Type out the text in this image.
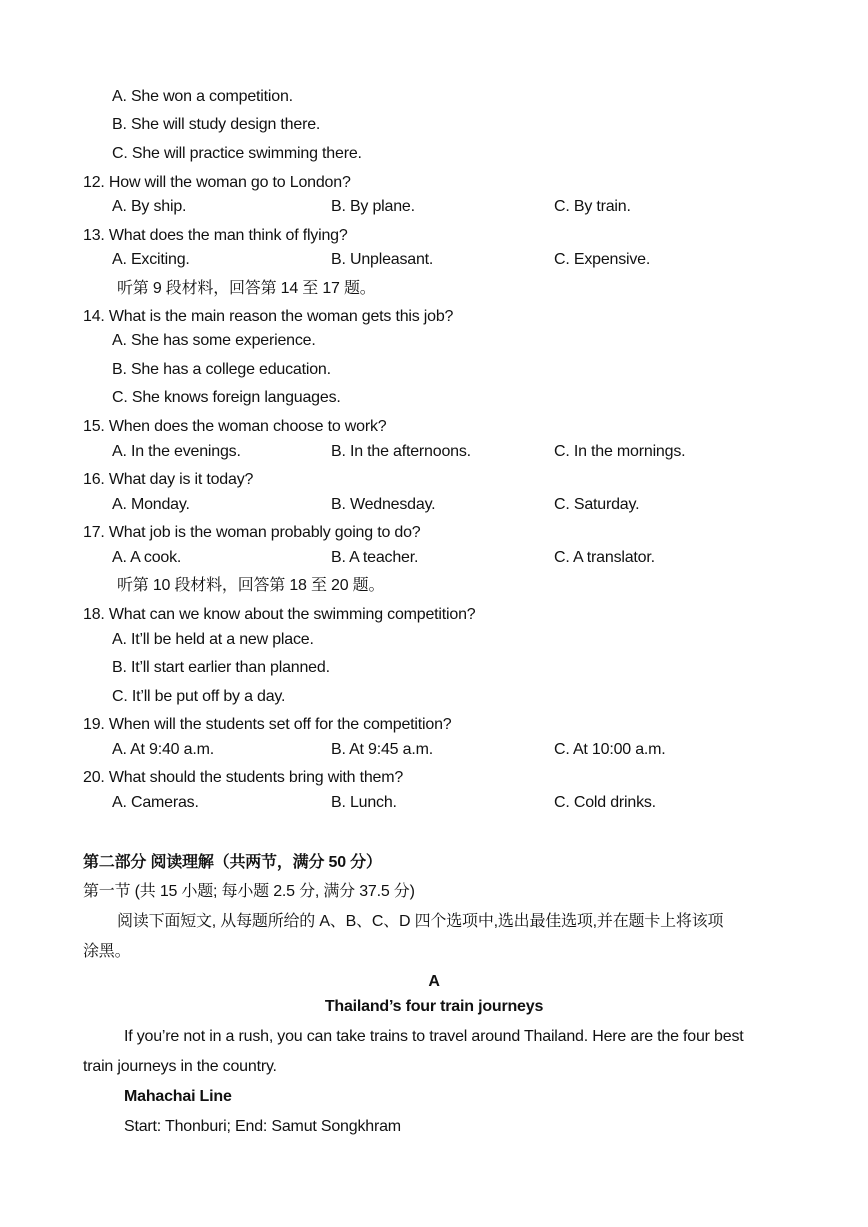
A. She won a competition.
B. She will study design there.
C. She will practice swimming there.
12. How will the woman go to London?
A. By ship.	B. By plane.	C. By train.
13. What does the man think of flying?
A. Exciting.	B. Unpleasant.	C. Expensive.
听第 9 段材料，回答第 14 至 17 题。
14. What is the main reason the woman gets this job?
A. She has some experience.
B. She has a college education.
C. She knows foreign languages.
15. When does the woman choose to work?
A. In the evenings.	B. In the afternoons.	C. In the mornings.
16. What day is it today?
A. Monday.	B. Wednesday.	C. Saturday.
17. What job is the woman probably going to do?
A. A cook.	B. A teacher.	C. A translator.
听第 10 段材料，回答第 18 至 20 题。
18. What can we know about the swimming competition?
A. It’ll be held at a new place.
B. It’ll start earlier than planned.
C. It’ll be put off by a day.
19. When will the students set off for the competition?
A. At 9:40 a.m.	B. At 9:45 a.m.	C. At 10:00 a.m.
20. What should the students bring with them?
A. Cameras.	B. Lunch.	C. Cold drinks.
第二部分 阅读理解（共两节，满分 50 分）
第一节 (共 15 小题; 每小题 2.5 分, 满分 37.5 分)
阅读下面短文, 从每题所给的 A、B、C、D 四个选项中,选出最佳选项,并在题卡上将该项
涂黑。
A
Thailand’s four train journeys
If you’re not in a rush, you can take trains to travel around Thailand. Here are the four best
train journeys in the country.
Mahachai Line
Start: Thonburi; End: Samut Songkhram
